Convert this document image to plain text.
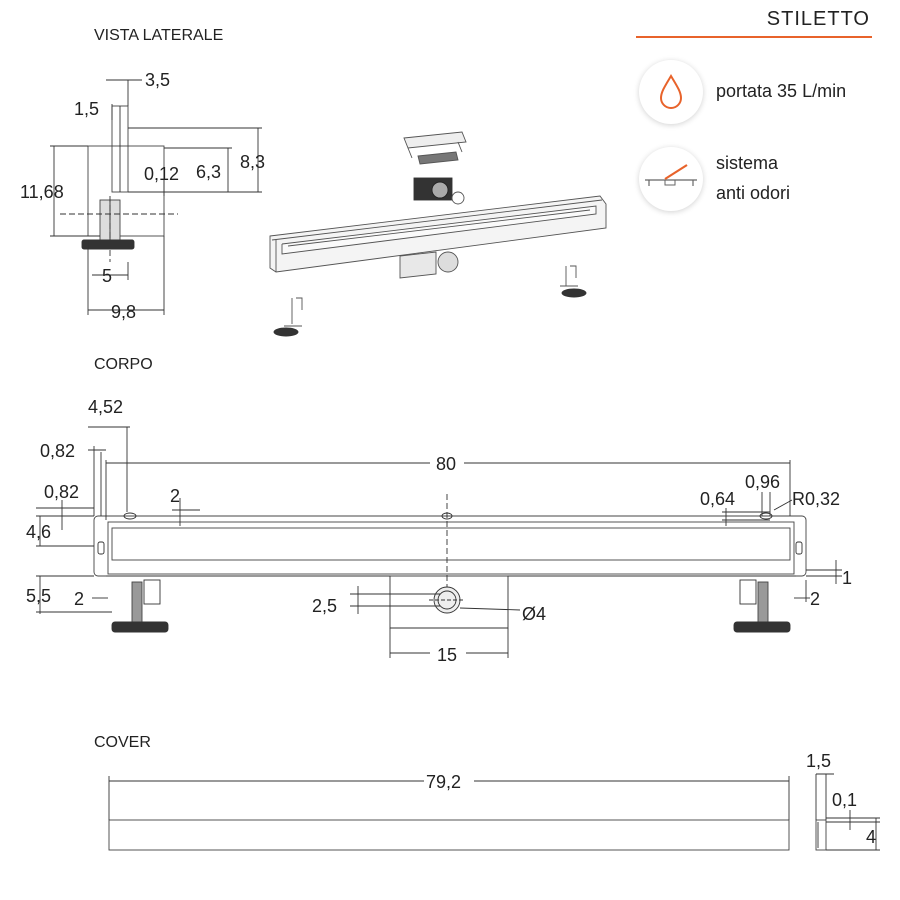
STILETTO
portata 35 L/min
sistema
anti odori
VISTA LATERALE
CORPO
COVER
3,5
1,5
8,3
6,3
0,12
11,68
5
9,8
4,52
0,82
80
0,82	2
4,6
0,96
0,64	R0,32
5,5 2	2,5	Ø4
1
2
15
79,2
1,5
0,1
4
